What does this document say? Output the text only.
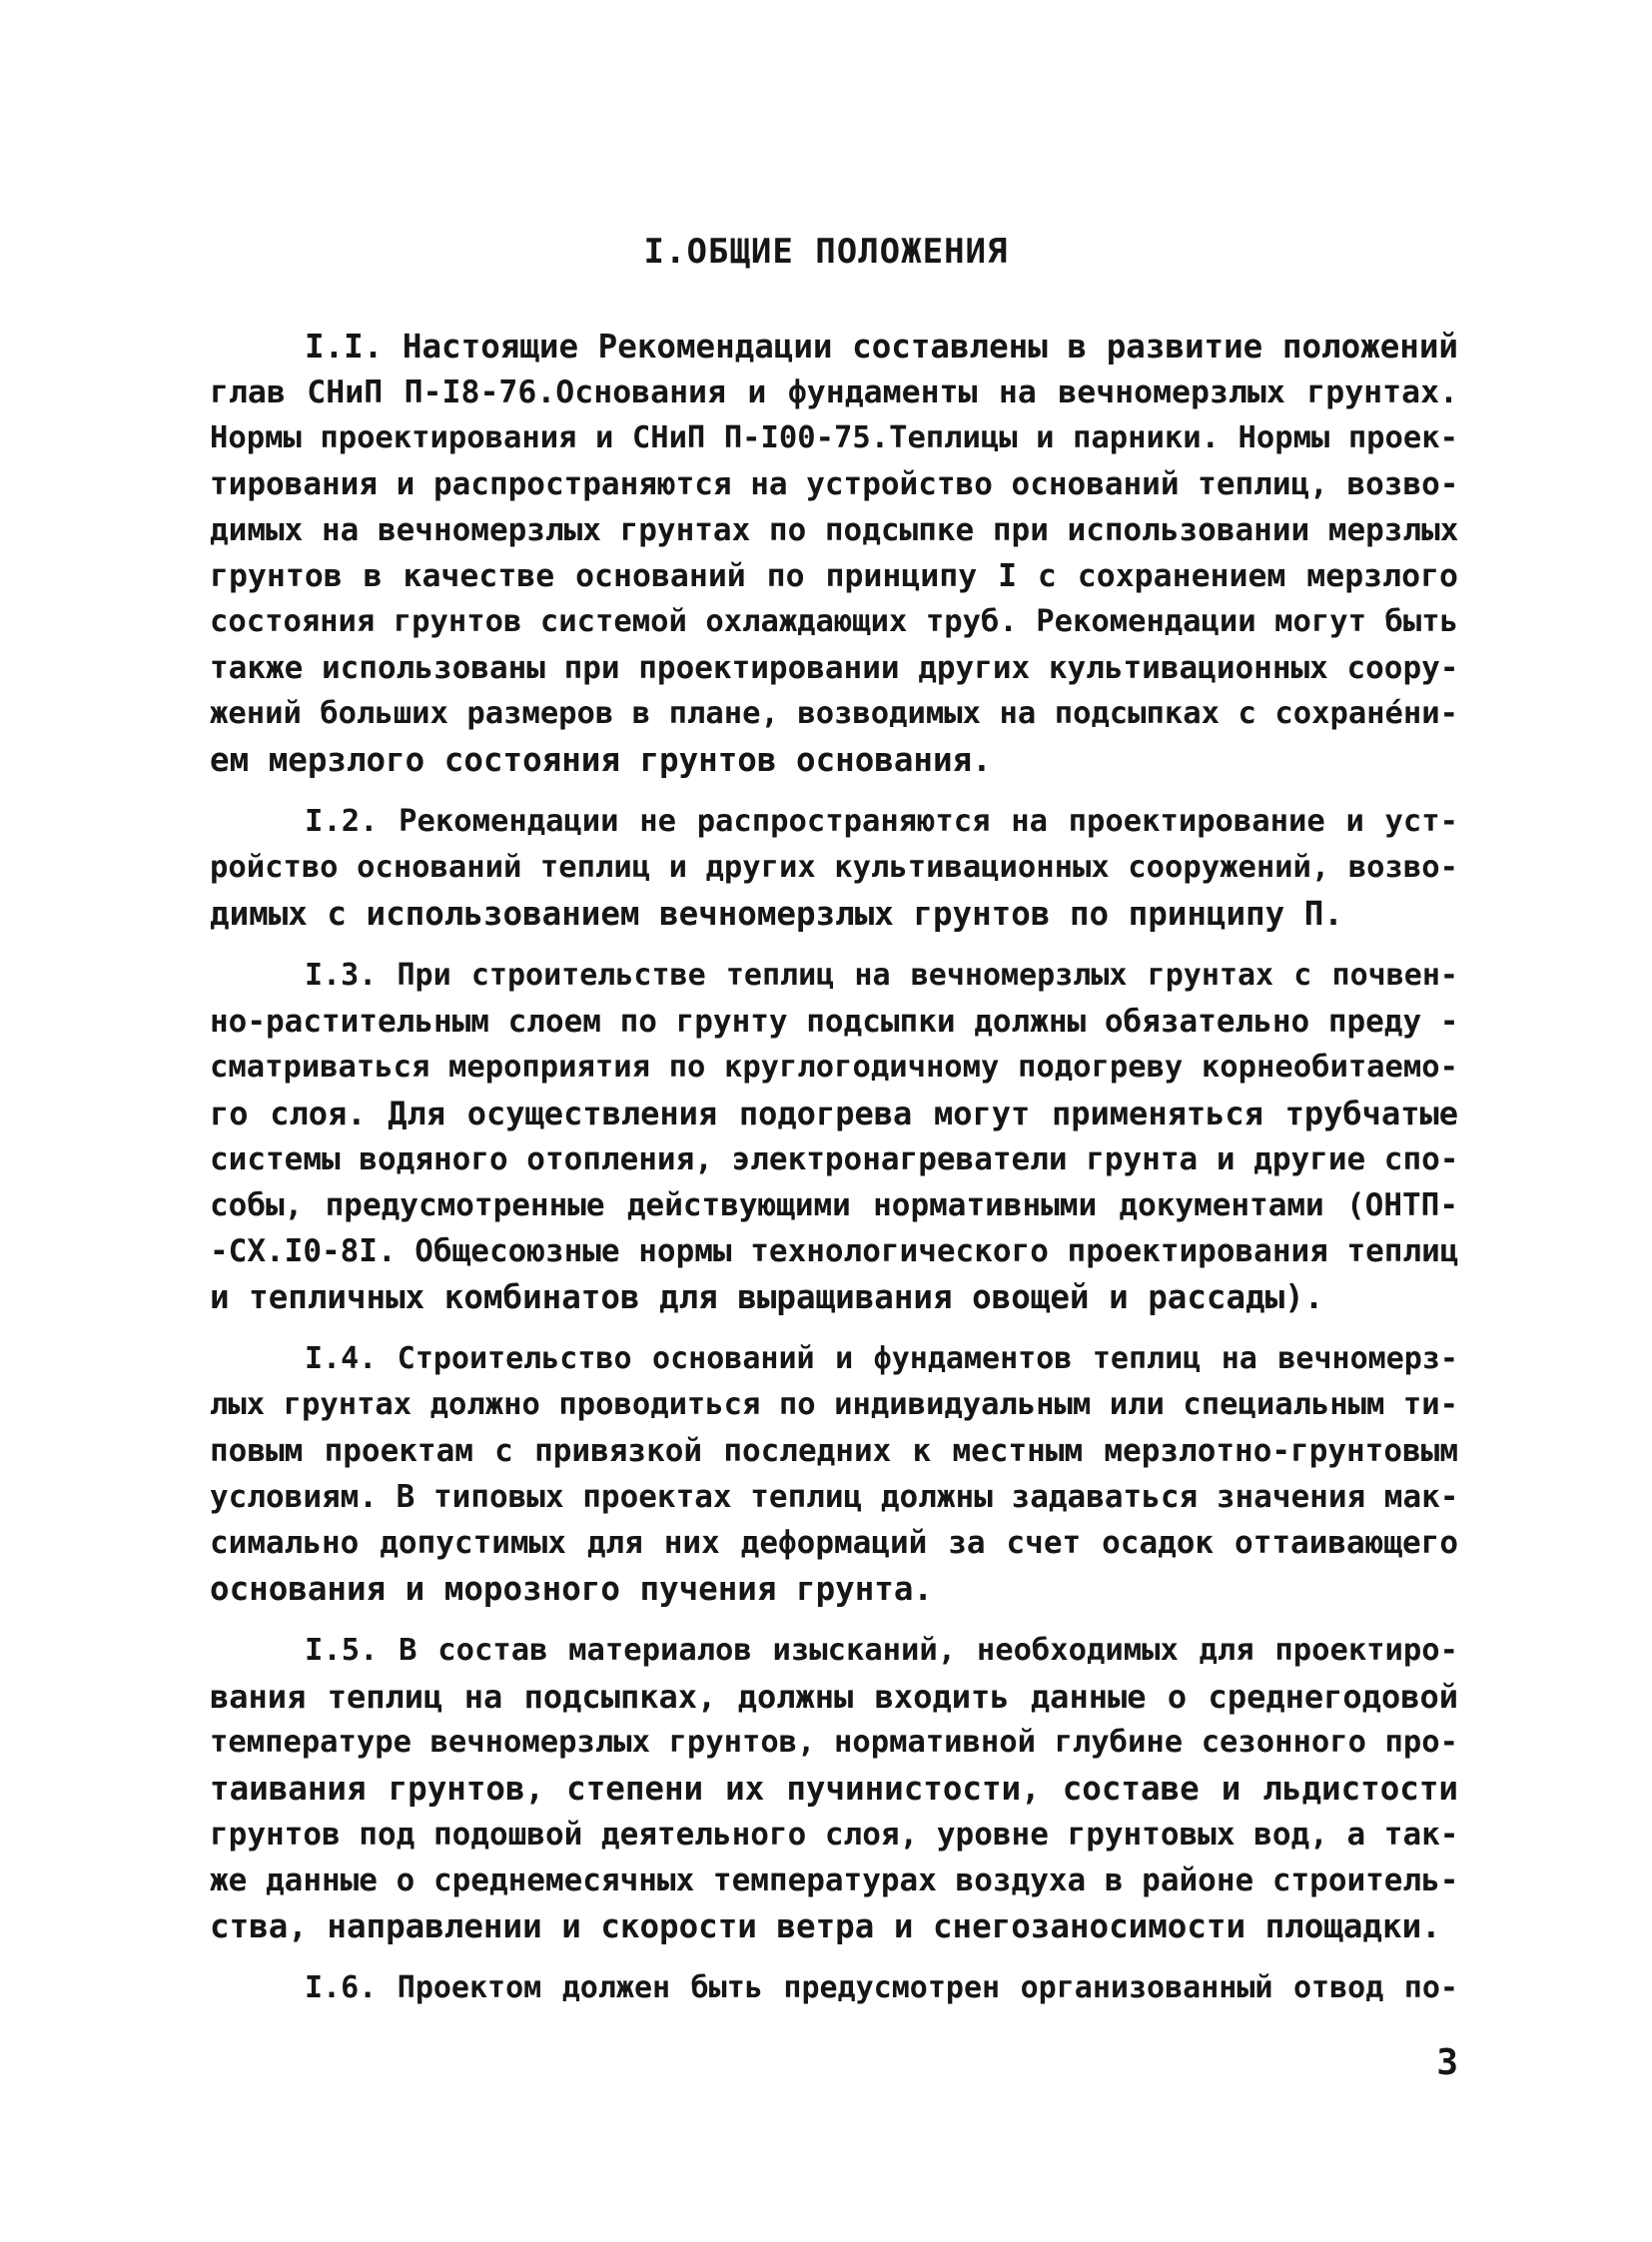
I.ОБЩИЕ ПОЛОЖЕНИЯ
I.I. Настоящие Рекомендации составлены в развитие положений
глав СНиП П-I8-76.Основания и фундаменты на вечномерзлых грунтах.
Нормы проектирования и СНиП П-I00-75.Теплицы и парники. Нормы проек-
тирования и распространяются на устройство оснований теплиц, возво-
димых на вечномерзлых грунтах по подсыпке при использовании мерзлых
грунтов в качестве оснований по принципу I с сохранением мерзлого
состояния грунтов системой охлаждающих труб. Рекомендации могут быть
также использованы при проектировании других культивационных соору-
жений больших размеров в плане, возводимых на подсыпках с сохранéни-
ем мерзлого состояния грунтов основания.
I.2. Рекомендации не распространяются на проектирование и уст-
ройство оснований теплиц и других культивационных сооружений, возво-
димых с использованием вечномерзлых грунтов по принципу П.
I.3. При строительстве теплиц на вечномерзлых грунтах с почвен-
но-растительным слоем по грунту подсыпки должны обязательно преду -
сматриваться мероприятия по круглогодичному подогреву корнеобитаемо-
го слоя. Для осуществления подогрева могут применяться трубчатые
системы водяного отопления, электронагреватели грунта и другие спо-
собы, предусмотренные действующими нормативными документами (ОНТП-
-СХ.I0-8I. Общесоюзные нормы технологического проектирования теплиц
и тепличных комбинатов для выращивания овощей и рассады).
I.4. Строительство оснований и фундаментов теплиц на вечномерз-
лых грунтах должно проводиться по индивидуальным или специальным ти-
повым проектам с привязкой последних к местным мерзлотно-грунтовым
условиям. В типовых проектах теплиц должны задаваться значения мак-
симально допустимых для них деформаций за счет осадок оттаивающего
основания и морозного пучения грунта.
I.5. В состав материалов изысканий, необходимых для проектиро-
вания теплиц на подсыпках, должны входить данные о среднегодовой
температуре вечномерзлых грунтов, нормативной глубине сезонного про-
таивания грунтов, степени их пучинистости, составе и льдистости
грунтов под подошвой деятельного слоя, уровне грунтовых вод, а так-
же данные о среднемесячных температурах воздуха в районе строитель-
ства, направлении и скорости ветра и снегозаносимости площадки.
I.6. Проектом должен быть предусмотрен организованный отвод по-
3
